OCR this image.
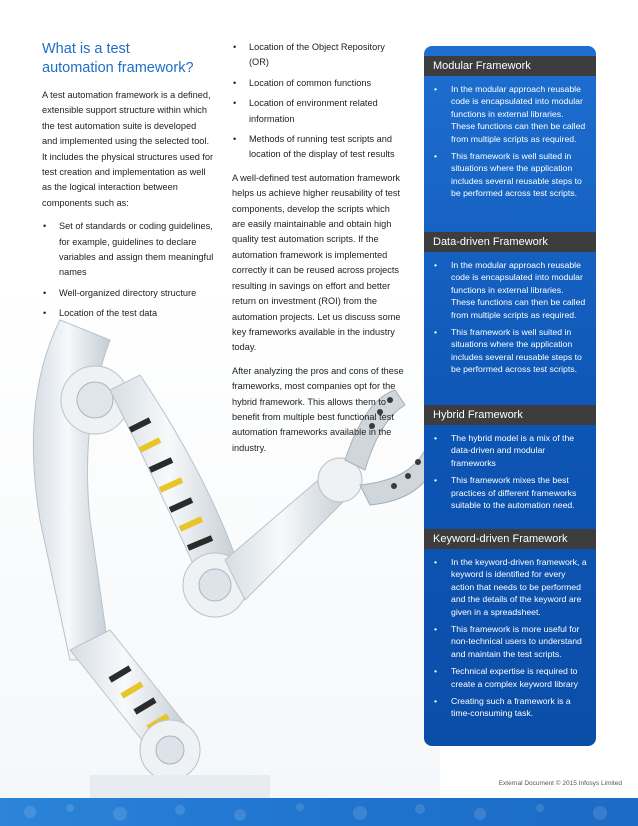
What is a test automation framework?

A test automation framework is a defined, extensible support structure within which the test automation suite is developed and implemented using the selected tool. It includes the physical structures used for test creation and implementation as well as the logical interaction between components such as:

• Set of standards or coding guidelines, for example, guidelines to declare variables and assign them meaningful names
• Well-organized directory structure
• Location of the test data
• Location of the Object Repository (OR)
• Location of common functions
• Location of environment related information
• Methods of running test scripts and location of the display of test results

A well-defined test automation framework helps us achieve higher reusability of test components, develop the scripts which are easily maintainable and obtain high quality test automation scripts. If the automation framework is implemented correctly it can be reused across projects resulting in savings on effort and better return on investment (ROI) from the automation projects. Let us discuss some key frameworks available in the industry today.

After analyzing the pros and cons of these frameworks, most companies opt for the hybrid framework. This allows them to benefit from multiple best functional test automation frameworks available in the industry.

Modular Framework
• In the modular approach reusable code is encapsulated into modular functions in external libraries. These functions can then be called from multiple scripts as required.
• This framework is well suited in situations where the application includes several reusable steps to be performed across test scripts.
Data-driven Framework
• In the modular approach reusable code is encapsulated into modular functions in external libraries. These functions can then be called from multiple scripts as required.
• This framework is well suited in situations where the application includes several reusable steps to be performed across test scripts.
Hybrid Framework
• The hybrid model is a mix of the data-driven and modular frameworks
• This framework mixes the best practices of different frameworks suitable to the automation need.
Keyword-driven Framework
• In the keyword-driven framework, a keyword is identified for every action that needs to be performed and the details of the keyword are given in a spreadsheet.
• This framework is more useful for non-technical users to understand and maintain the test scripts.
• Technical expertise is required to create a complex keyword library
• Creating such a framework is a time-consuming task.
External Document © 2015 Infosys Limited
